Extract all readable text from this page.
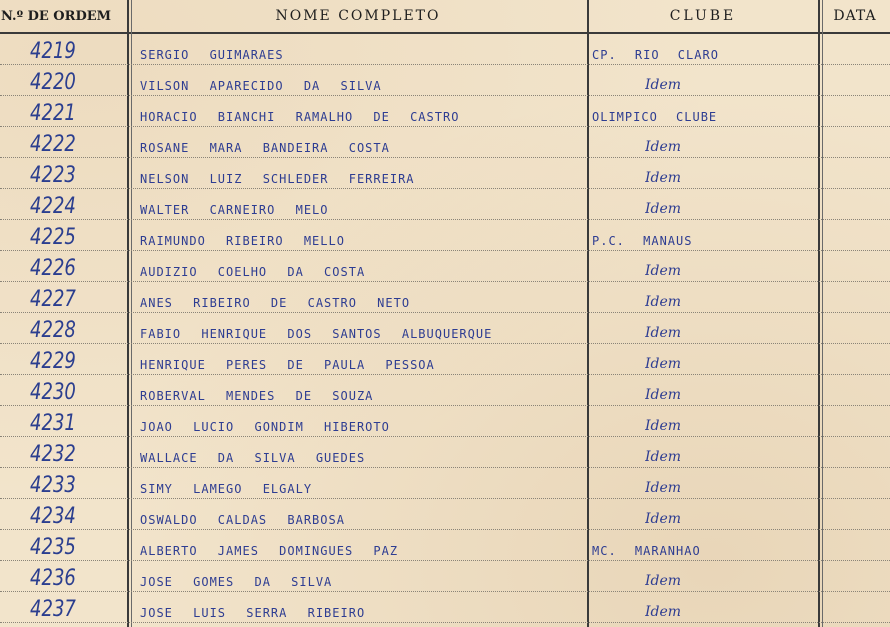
N.º DE ORDEM	NOME COMPLETO	CLUBE	DATA
4219	SERGIO GUIMARAES	CP. RIO CLARO
4220	VILSON APARECIDO DA SILVA	Idem
4221	HORACIO BIANCHI RAMALHO DE CASTRO	OLIMPICO CLUBE
4222	ROSANE MARA BANDEIRA COSTA	Idem
4223	NELSON LUIZ SCHLEDER FERREIRA	Idem
4224	WALTER CARNEIRO MELO	Idem
4225	RAIMUNDO RIBEIRO MELLO	P.C. MANAUS
4226	AUDIZIO COELHO DA COSTA	Idem
4227	ANES RIBEIRO DE CASTRO NETO	Idem
4228	FABIO HENRIQUE DOS SANTOS ALBUQUERQUE	Idem
4229	HENRIQUE PERES DE PAULA PESSOA	Idem
4230	ROBERVAL MENDES DE SOUZA	Idem
4231	JOAO LUCIO GONDIM HIBEROTO	Idem
4232	WALLACE DA SILVA GUEDES	Idem
4233	SIMY LAMEGO ELGALY	Idem
4234	OSWALDO CALDAS BARBOSA	Idem
4235	ALBERTO JAMES DOMINGUES PAZ	MC. MARANHAO
4236	JOSE GOMES DA SILVA	Idem
4237	JOSE LUIS SERRA RIBEIRO	Idem
